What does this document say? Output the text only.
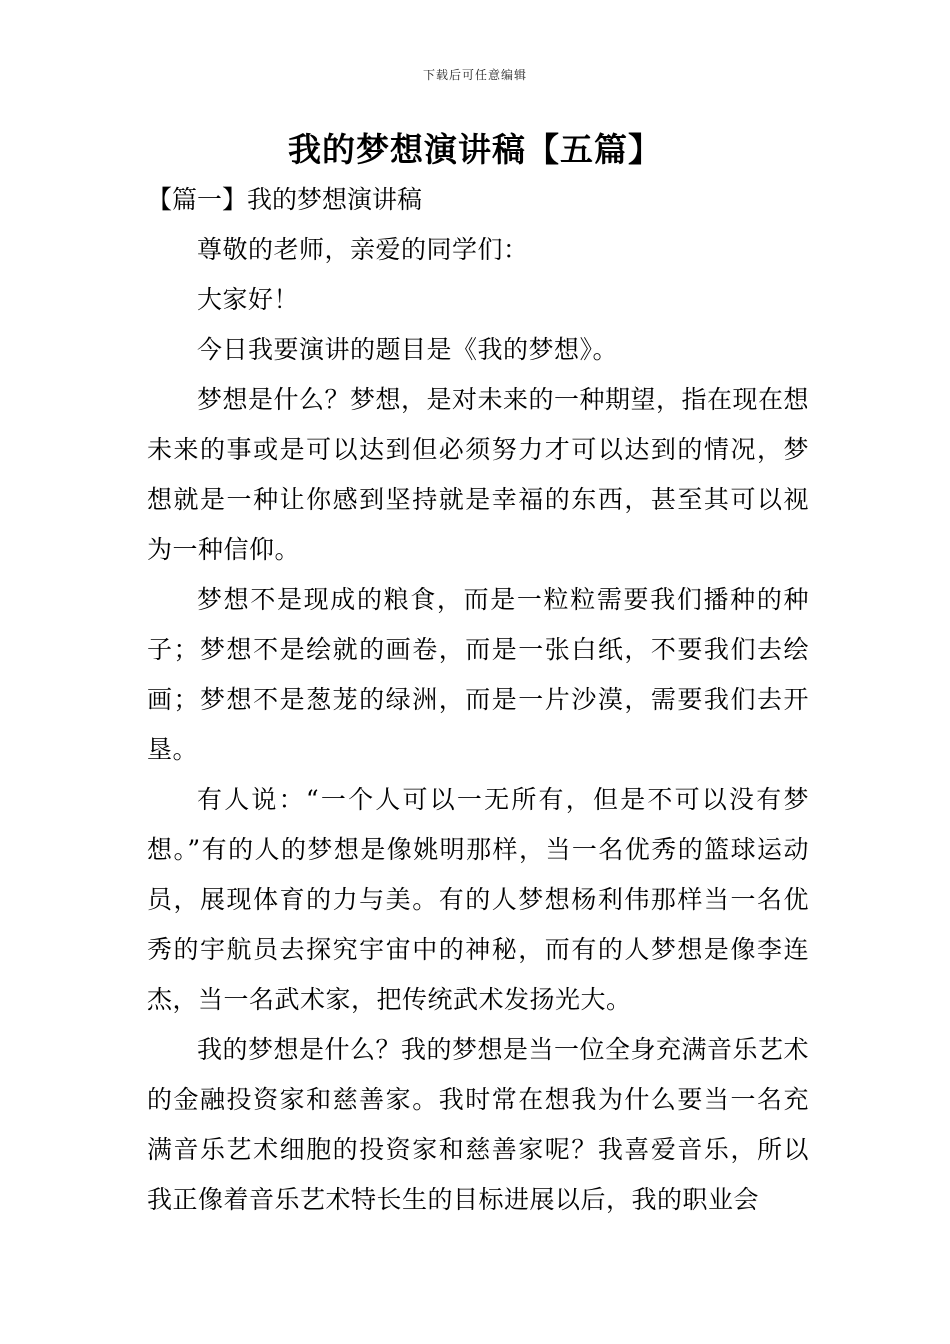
下载后可任意编辑
我的梦想演讲稿【五篇】
【篇一】我的梦想演讲稿

尊敬的老师，亲爱的同学们：

大家好！

今日我要演讲的题目是《我的梦想》。

梦想是什么？梦想，是对未来的一种期望，指在现在想未来的事或是可以达到但必须努力才可以达到的情况，梦想就是一种让你感到坚持就是幸福的东西，甚至其可以视为一种信仰。

梦想不是现成的粮食，而是一粒粒需要我们播种的种子；梦想不是绘就的画卷，而是一张白纸，不要我们去绘画；梦想不是葱茏的绿洲，而是一片沙漠，需要我们去开垦。

有人说：“一个人可以一无所有，但是不可以没有梦想。”有的人的梦想是像姚明那样，当一名优秀的篮球运动员，展现体育的力与美。有的人梦想杨利伟那样当一名优秀的宇航员去探究宇宙中的神秘，而有的人梦想是像李连杰，当一名武术家，把传统武术发扬光大。

我的梦想是什么？我的梦想是当一位全身充满音乐艺术的金融投资家和慈善家。我时常在想我为什么要当一名充满音乐艺术细胞的投资家和慈善家呢？我喜爱音乐，所以我正像着音乐艺术特长生的目标进展以后，我的职业会
